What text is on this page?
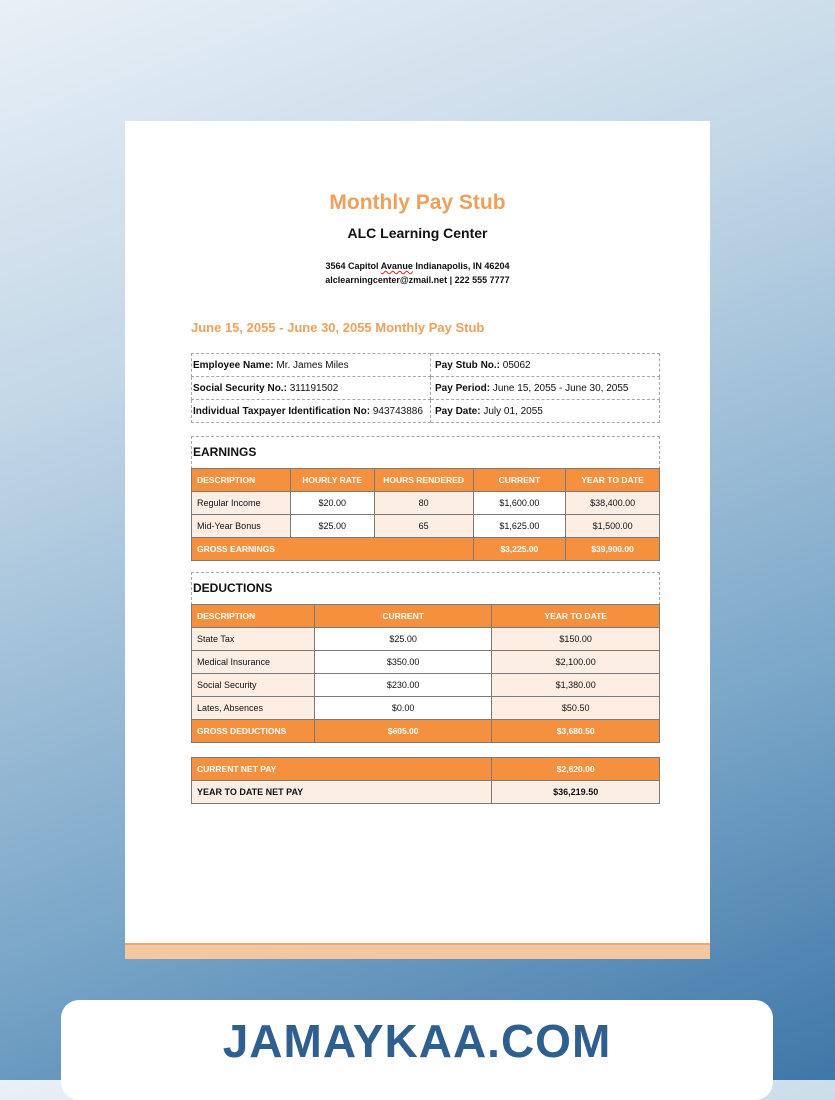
Monthly Pay Stub
ALC Learning Center
3564 Capitol Avanue Indianapolis, IN 46204
alclearningcenter@zmail.net | 222 555 7777
June 15, 2055 - June 30, 2055 Monthly Pay Stub
Employee Name: Mr. James Miles	Pay Stub No.: 05062
Social Security No.: 311191502	Pay Period: June 15, 2055 - June 30, 2055
Individual Taxpayer Identification No: 943743886	Pay Date: July 01, 2055
EARNINGS
DESCRIPTION	HOURLY RATE	HOURS RENDERED	CURRENT	YEAR TO DATE
Regular Income	$20.00	80	$1,600.00	$38,400.00
Mid-Year Bonus	$25.00	65	$1,625.00	$1,500.00
GROSS EARNINGS			$3,225.00	$39,900.00
DEDUCTIONS
DESCRIPTION	CURRENT	YEAR TO DATE
State Tax	$25.00	$150.00
Medical Insurance	$350.00	$2,100.00
Social Security	$230.00	$1,380.00
Lates, Absences	$0.00	$50.50
GROSS DEDUCTIONS	$605.00	$3,680.50
CURRENT NET PAY	$2,620.00
YEAR TO DATE NET PAY	$36,219.50
JAMAYKAA.COM
